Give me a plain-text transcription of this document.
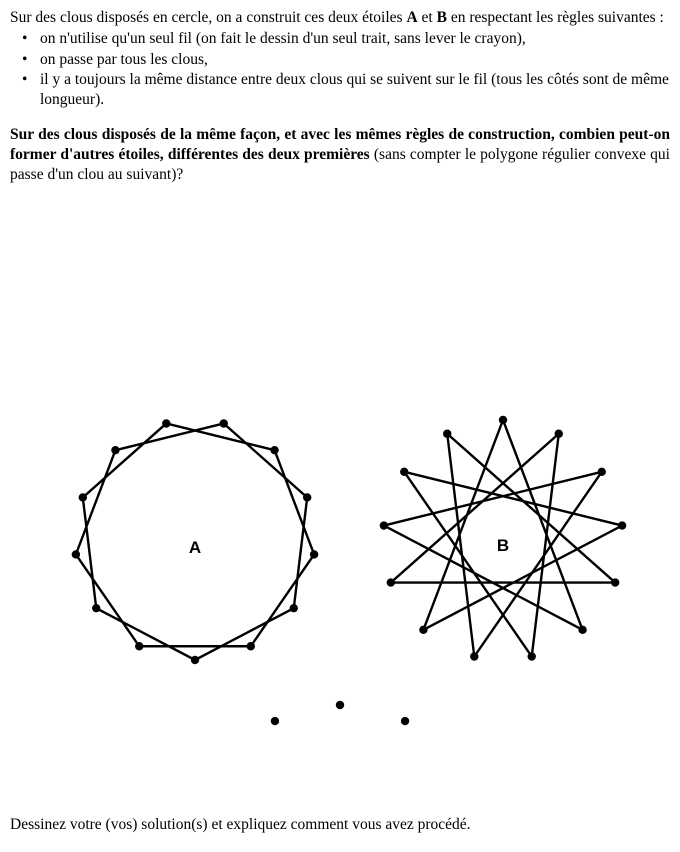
Sur des clous disposés en cercle, on a construit ces deux étoiles A et B en respectant les règles suivantes :

• on n'utilise qu'un seul fil (on fait le dessin d'un seul trait, sans lever le crayon),
• on passe par tous les clous,
• il y a toujours la même distance entre deux clous qui se suivent sur le fil (tous les côtés sont de même longueur).

Sur des clous disposés de la même façon, et avec les mêmes règles de construction, combien peut-on former d'autres étoiles, différentes des deux premières (sans compter le polygone régulier convexe qui passe d'un clou au suivant)?

A	B
Dessinez votre (vos) solution(s) et expliquez comment vous avez procédé.
